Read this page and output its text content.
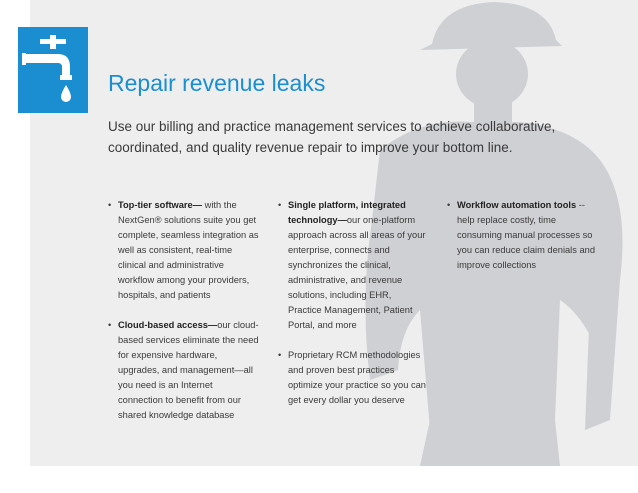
Repair revenue leaks

Use our billing and practice management services to achieve collaborative, coordinated, and quality revenue repair to improve your bottom line.

• Top-tier software— with the NextGen® solutions suite you get complete, seamless integration as well as consistent, real-time clinical and administrative workflow among your providers, hospitals, and patients

• Cloud-based access—our cloud-based services eliminate the need for expensive hardware, upgrades, and management—all you need is an Internet connection to benefit from our shared knowledge database

• Single platform, integrated technology—our one-platform approach across all areas of your enterprise, connects and synchronizes the clinical, administrative, and revenue solutions, including EHR, Practice Management, Patient Portal, and more

• Proprietary RCM methodologies and proven best practices optimize your practice so you can get every dollar you deserve

• Workflow automation tools -- help replace costly, time consuming manual processes so you can reduce claim denials and improve collections
